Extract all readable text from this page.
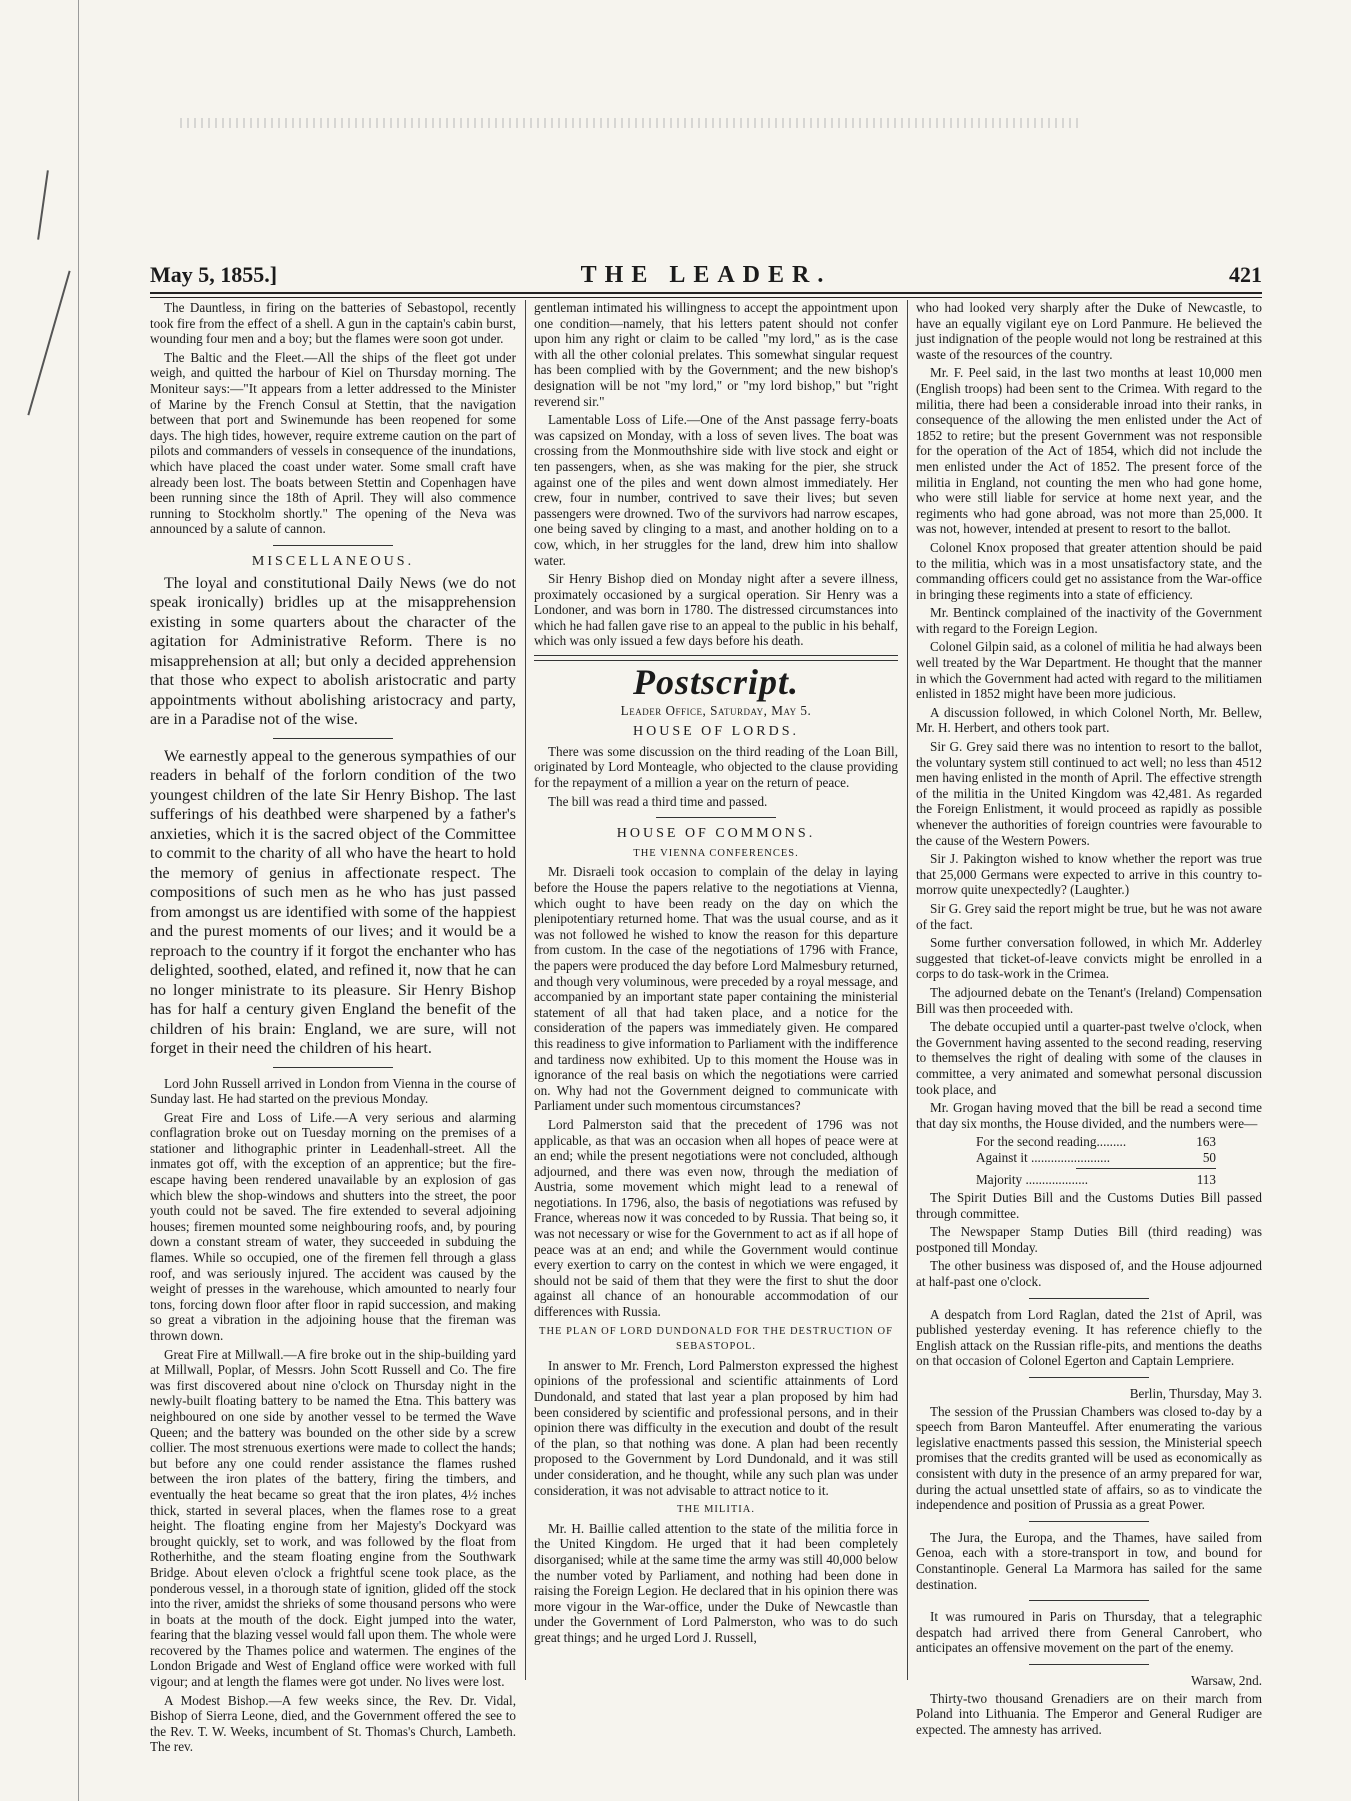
May 5, 1855.]	THE LEADER.	421

The Dauntless, in firing on the batteries of Sebastopol, recently took fire from the effect of a shell. A gun in the captain's cabin burst, wounding four men and a boy; but the flames were soon got under.

The Baltic and the Fleet.—All the ships of the fleet got under weigh, and quitted the harbour of Kiel on Thursday morning. The Moniteur says:—"It appears from a letter addressed to the Minister of Marine by the French Consul at Stettin, that the navigation between that port and Swinemunde has been reopened for some days. The high tides, however, require extreme caution on the part of pilots and commanders of vessels in consequence of the inundations, which have placed the coast under water. Some small craft have already been lost. The boats between Stettin and Copenhagen have been running since the 18th of April. They will also commence running to Stockholm shortly." The opening of the Neva was announced by a salute of cannon.

MISCELLANEOUS.

The loyal and constitutional Daily News (we do not speak ironically) bridles up at the misapprehension existing in some quarters about the character of the agitation for Administrative Reform. There is no misapprehension at all; but only a decided apprehension that those who expect to abolish aristocratic and party appointments without abolishing aristocracy and party, are in a Paradise not of the wise.

We earnestly appeal to the generous sympathies of our readers in behalf of the forlorn condition of the two youngest children of the late Sir Henry Bishop. The last sufferings of his deathbed were sharpened by a father's anxieties, which it is the sacred object of the Committee to commit to the charity of all who have the heart to hold the memory of genius in affectionate respect. The compositions of such men as he who has just passed from amongst us are identified with some of the happiest and the purest moments of our lives; and it would be a reproach to the country if it forgot the enchanter who has delighted, soothed, elated, and refined it, now that he can no longer ministrate to its pleasure. Sir Henry Bishop has for half a century given England the benefit of the children of his brain: England, we are sure, will not forget in their need the children of his heart.

Lord John Russell arrived in London from Vienna in the course of Sunday last. He had started on the previous Monday.

Great Fire and Loss of Life.—A very serious and alarming conflagration broke out on Tuesday morning on the premises of a stationer and lithographic printer in Leadenhall-street. All the inmates got off, with the exception of an apprentice; but the fire-escape having been rendered unavailable by an explosion of gas which blew the shop-windows and shutters into the street, the poor youth could not be saved. The fire extended to several adjoining houses; firemen mounted some neighbouring roofs, and, by pouring down a constant stream of water, they succeeded in subduing the flames. While so occupied, one of the firemen fell through a glass roof, and was seriously injured. The accident was caused by the weight of presses in the warehouse, which amounted to nearly four tons, forcing down floor after floor in rapid succession, and making so great a vibration in the adjoining house that the fireman was thrown down.

Great Fire at Millwall.—A fire broke out in the ship-building yard at Millwall, Poplar, of Messrs. John Scott Russell and Co. The fire was first discovered about nine o'clock on Thursday night in the newly-built floating battery to be named the Etna. This battery was neighboured on one side by another vessel to be termed the Wave Queen; and the battery was bounded on the other side by a screw collier. The most strenuous exertions were made to collect the hands; but before any one could render assistance the flames rushed between the iron plates of the battery, firing the timbers, and eventually the heat became so great that the iron plates, 4½ inches thick, started in several places, when the flames rose to a great height. The floating engine from her Majesty's Dockyard was brought quickly, set to work, and was followed by the float from Rotherhithe, and the steam floating engine from the Southwark Bridge. About eleven o'clock a frightful scene took place, as the ponderous vessel, in a thorough state of ignition, glided off the stock into the river, amidst the shrieks of some thousand persons who were in boats at the mouth of the dock. Eight jumped into the water, fearing that the blazing vessel would fall upon them. The whole were recovered by the Thames police and watermen. The engines of the London Brigade and West of England office were worked with full vigour; and at length the flames were got under. No lives were lost.

A Modest Bishop.—A few weeks since, the Rev. Dr. Vidal, Bishop of Sierra Leone, died, and the Government offered the see to the Rev. T. W. Weeks, incumbent of St. Thomas's Church, Lambeth. The rev.

gentleman intimated his willingness to accept the appointment upon one condition—namely, that his letters patent should not confer upon him any right or claim to be called "my lord," as is the case with all the other colonial prelates. This somewhat singular request has been complied with by the Government; and the new bishop's designation will be not "my lord," or "my lord bishop," but "right reverend sir."

Lamentable Loss of Life.—One of the Anst passage ferry-boats was capsized on Monday, with a loss of seven lives. The boat was crossing from the Monmouthshire side with live stock and eight or ten passengers, when, as she was making for the pier, she struck against one of the piles and went down almost immediately. Her crew, four in number, contrived to save their lives; but seven passengers were drowned. Two of the survivors had narrow escapes, one being saved by clinging to a mast, and another holding on to a cow, which, in her struggles for the land, drew him into shallow water.

Sir Henry Bishop died on Monday night after a severe illness, proximately occasioned by a surgical operation. Sir Henry was a Londoner, and was born in 1780. The distressed circumstances into which he had fallen gave rise to an appeal to the public in his behalf, which was only issued a few days before his death.

Postscript.
Leader Office, Saturday, May 5.
HOUSE OF LORDS.

There was some discussion on the third reading of the Loan Bill, originated by Lord Monteagle, who objected to the clause providing for the repayment of a million a year on the return of peace.

The bill was read a third time and passed.

HOUSE OF COMMONS.
THE VIENNA CONFERENCES.

Mr. Disraeli took occasion to complain of the delay in laying before the House the papers relative to the negotiations at Vienna, which ought to have been ready on the day on which the plenipotentiary returned home. That was the usual course, and as it was not followed he wished to know the reason for this departure from custom. In the case of the negotiations of 1796 with France, the papers were produced the day before Lord Malmesbury returned, and though very voluminous, were preceded by a royal message, and accompanied by an important state paper containing the ministerial statement of all that had taken place, and a notice for the consideration of the papers was immediately given. He compared this readiness to give information to Parliament with the indifference and tardiness now exhibited. Up to this moment the House was in ignorance of the real basis on which the negotiations were carried on. Why had not the Government deigned to communicate with Parliament under such momentous circumstances?

Lord Palmerston said that the precedent of 1796 was not applicable, as that was an occasion when all hopes of peace were at an end; while the present negotiations were not concluded, although adjourned, and there was even now, through the mediation of Austria, some movement which might lead to a renewal of negotiations. In 1796, also, the basis of negotiations was refused by France, whereas now it was conceded to by Russia. That being so, it was not necessary or wise for the Government to act as if all hope of peace was at an end; and while the Government would continue every exertion to carry on the contest in which we were engaged, it should not be said of them that they were the first to shut the door against all chance of an honourable accommodation of our differences with Russia.

THE PLAN OF LORD DUNDONALD FOR THE DESTRUCTION OF SEBASTOPOL.

In answer to Mr. French, Lord Palmerston expressed the highest opinions of the professional and scientific attainments of Lord Dundonald, and stated that last year a plan proposed by him had been considered by scientific and professional persons, and in their opinion there was difficulty in the execution and doubt of the result of the plan, so that nothing was done. A plan had been recently proposed to the Government by Lord Dundonald, and it was still under consideration, and he thought, while any such plan was under consideration, it was not advisable to attract notice to it.

THE MILITIA.

Mr. H. Baillie called attention to the state of the militia force in the United Kingdom. He urged that it had been completely disorganised; while at the same time the army was still 40,000 below the number voted by Parliament, and nothing had been done in raising the Foreign Legion. He declared that in his opinion there was more vigour in the War-office, under the Duke of Newcastle than under the Government of Lord Palmerston, who was to do such great things; and he urged Lord J. Russell,

who had looked very sharply after the Duke of Newcastle, to have an equally vigilant eye on Lord Panmure. He believed the just indignation of the people would not long be restrained at this waste of the resources of the country.

Mr. F. Peel said, in the last two months at least 10,000 men (English troops) had been sent to the Crimea. With regard to the militia, there had been a considerable inroad into their ranks, in consequence of the allowing the men enlisted under the Act of 1852 to retire; but the present Government was not responsible for the operation of the Act of 1854, which did not include the men enlisted under the Act of 1852. The present force of the militia in England, not counting the men who had gone home, who were still liable for service at home next year, and the regiments who had gone abroad, was not more than 25,000. It was not, however, intended at present to resort to the ballot.

Colonel Knox proposed that greater attention should be paid to the militia, which was in a most unsatisfactory state, and the commanding officers could get no assistance from the War-office in bringing these regiments into a state of efficiency.

Mr. Bentinck complained of the inactivity of the Government with regard to the Foreign Legion.

Colonel Gilpin said, as a colonel of militia he had always been well treated by the War Department. He thought that the manner in which the Government had acted with regard to the militiamen enlisted in 1852 might have been more judicious.

A discussion followed, in which Colonel North, Mr. Bellew, Mr. H. Herbert, and others took part.

Sir G. Grey said there was no intention to resort to the ballot, the voluntary system still continued to act well; no less than 4512 men having enlisted in the month of April. The effective strength of the militia in the United Kingdom was 42,481. As regarded the Foreign Enlistment, it would proceed as rapidly as possible whenever the authorities of foreign countries were favourable to the cause of the Western Powers.

Sir J. Pakington wished to know whether the report was true that 25,000 Germans were expected to arrive in this country to-morrow quite unexpectedly? (Laughter.)

Sir G. Grey said the report might be true, but he was not aware of the fact.

Some further conversation followed, in which Mr. Adderley suggested that ticket-of-leave convicts might be enrolled in a corps to do task-work in the Crimea.

The adjourned debate on the Tenant's (Ireland) Compensation Bill was then proceeded with.

The debate occupied until a quarter-past twelve o'clock, when the Government having assented to the second reading, reserving to themselves the right of dealing with some of the clauses in committee, a very animated and somewhat personal discussion took place, and

Mr. Grogan having moved that the bill be read a second time that day six months, the House divided, and the numbers were—

For the second reading.........	163
Against it ........................	50
Majority ...................	113

The Spirit Duties Bill and the Customs Duties Bill passed through committee.

The Newspaper Stamp Duties Bill (third reading) was postponed till Monday.

The other business was disposed of, and the House adjourned at half-past one o'clock.

A despatch from Lord Raglan, dated the 21st of April, was published yesterday evening. It has reference chiefly to the English attack on the Russian rifle-pits, and mentions the deaths on that occasion of Colonel Egerton and Captain Lempriere.

Berlin, Thursday, May 3.

The session of the Prussian Chambers was closed to-day by a speech from Baron Manteuffel. After enumerating the various legislative enactments passed this session, the Ministerial speech promises that the credits granted will be used as economically as consistent with duty in the presence of an army prepared for war, during the actual unsettled state of affairs, so as to vindicate the independence and position of Prussia as a great Power.

The Jura, the Europa, and the Thames, have sailed from Genoa, each with a store-transport in tow, and bound for Constantinople. General La Marmora has sailed for the same destination.

It was rumoured in Paris on Thursday, that a telegraphic despatch had arrived there from General Canrobert, who anticipates an offensive movement on the part of the enemy.

Warsaw, 2nd.

Thirty-two thousand Grenadiers are on their march from Poland into Lithuania. The Emperor and General Rudiger are expected. The amnesty has arrived.
